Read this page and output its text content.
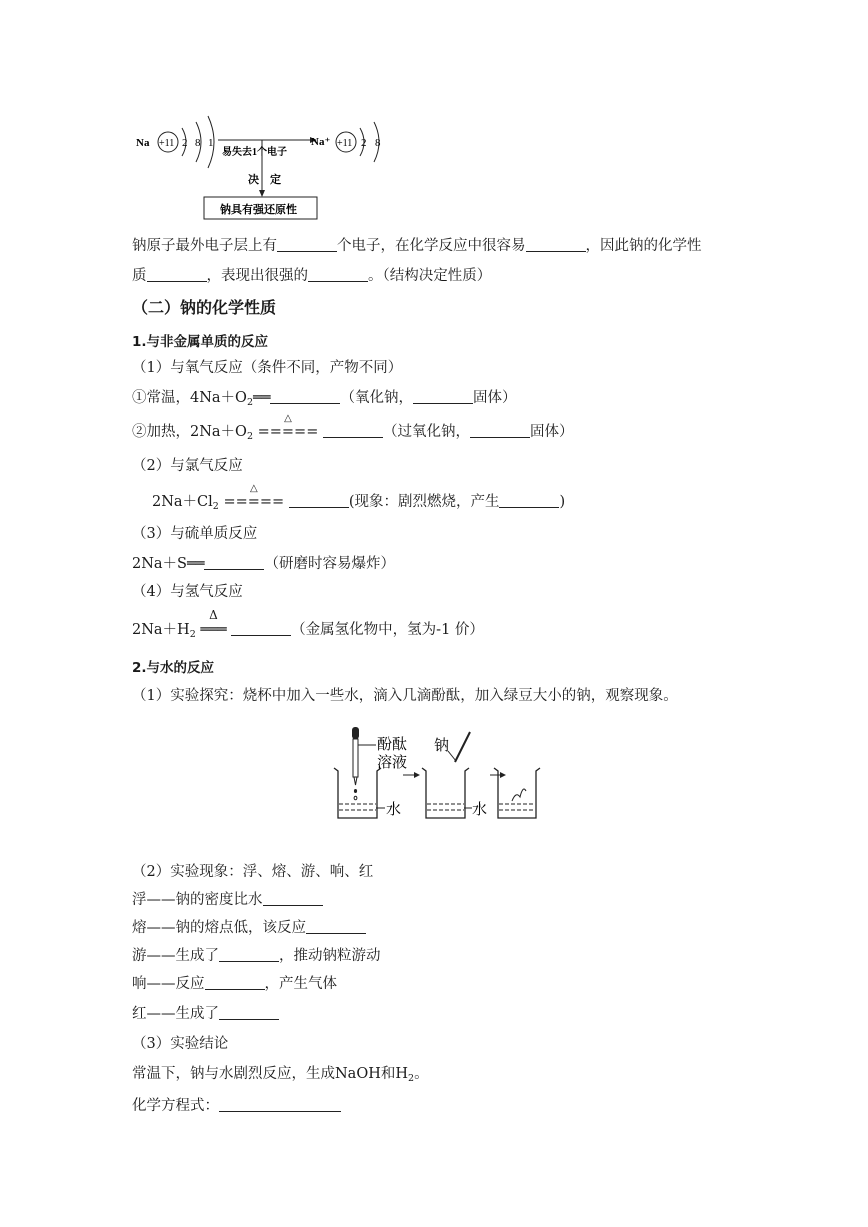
Na +11 2 8 1
易失去1个电子
Na⁺ +11 2 8
决　定
钠具有强还原性
钠原子最外电子层上有	个电子，在化学反应中很容易	，因此钠的化学性
质	，表现出很强的	。（结构决定性质）
（二）钠的化学性质
1.与非金属单质的反应
（1）与氧气反应（条件不同，产物不同）
①常温，$4Na+O_2══$	（氧化钠，	固体）
②加热，$2Na+O_2$
△
=====	（过氧化钠，	固体）
（2）与氯气反应
$2Na+Cl_2$
△
=====	(现象：剧烈燃烧，产生	)
（3）与硫单质反应
2Na＋S══	（研磨时容易爆炸）
（4）与氢气反应
$2Na+H_2$
Δ
═══	（金属氢化物中，氢为-1 价）
2.与水的反应
（1）实验探究：烧杯中加入一些水，滴入几滴酚酞，加入绿豆大小的钠，观察现象。
酚酞
溶液
水
钠
水
（2）实验现象：浮、熔、游、响、红
浮——钠的密度比水
熔——钠的熔点低，该反应
游——生成了	，推动钠粒游动
响——反应	，产生气体
红——生成了
（3）实验结论
常温下，钠与水剧烈反应，生成NaOH和$H_2$。
化学方程式：
